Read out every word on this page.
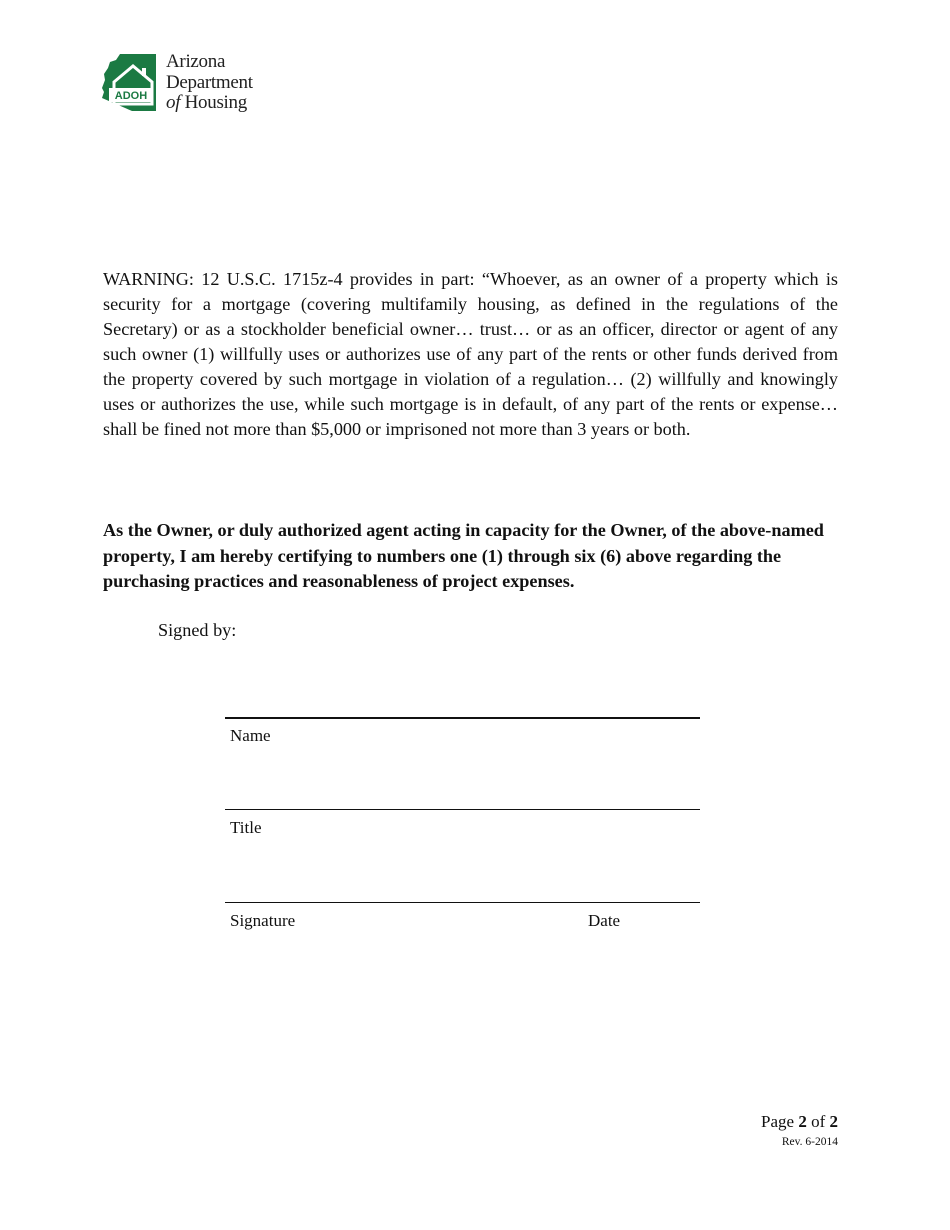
ADOH
Arizona
Department
of Housing

WARNING: 12 U.S.C. 1715z-4 provides in part: “Whoever, as an owner of a property which is security for a mortgage (covering multifamily housing, as defined in the regulations of the Secretary) or as a stockholder beneficial owner… trust… or as an officer, director or agent of any such owner (1) willfully uses or authorizes use of any part of the rents or other funds derived from the property covered by such mortgage in violation of a regulation… (2) willfully and knowingly uses or authorizes the use, while such mortgage is in default, of any part of the rents or expense… shall be fined not more than $5,000 or imprisoned not more than 3 years or both.

As the Owner, or duly authorized agent acting in capacity for the Owner, of the above-named property, I am hereby certifying to numbers one (1) through six (6) above regarding the purchasing practices and reasonableness of project expenses.

Signed by:
Name
Title
Signature	Date
Page 2 of 2
Rev. 6-2014
